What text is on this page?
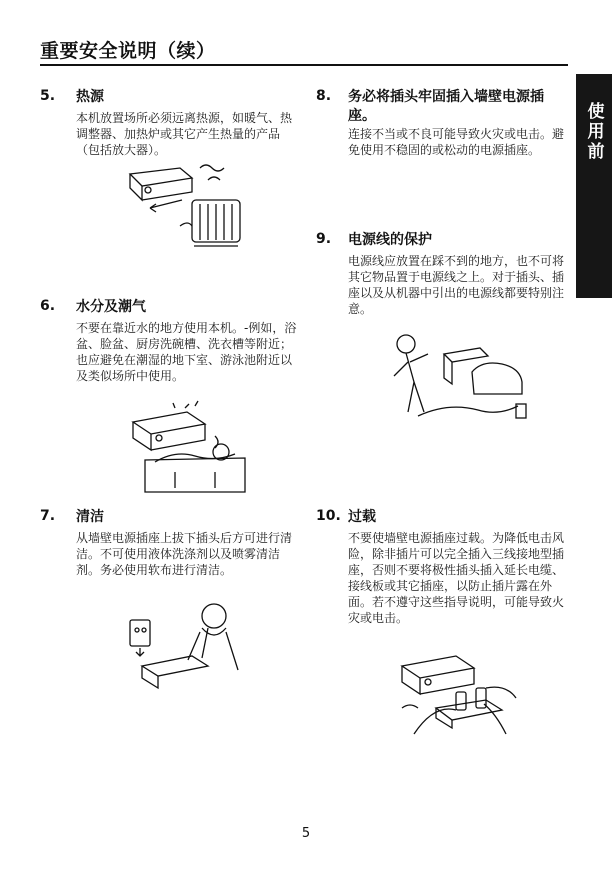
重要安全说明（续）
使用前
5. 热源
本机放置场所必须远离热源，如暖气、热调整器、加热炉或其它产生热量的产品（包括放大器）。
6. 水分及潮气
不要在靠近水的地方使用本机。-例如，浴盆、脸盆、厨房洗碗槽、洗衣槽等附近；也应避免在潮湿的地下室、游泳池附近以及类似场所中使用。
7. 清洁
从墙壁电源插座上拔下插头后方可进行清洁。不可使用液体洗涤剂以及喷雾清洁剂。务必使用软布进行清洁。
8. 务必将插头牢固插入墙壁电源插座。
连接不当或不良可能导致火灾或电击。避免使用不稳固的或松动的电源插座。
9. 电源线的保护
电源线应放置在踩不到的地方，也不可将其它物品置于电源线之上。对于插头、插座以及从机器中引出的电源线都要特别注意。
10. 过载
不要使墙壁电源插座过载。为降低电击风险，除非插片可以完全插入三线接地型插座，否则不要将极性插头插入延长电缆、接线板或其它插座，以防止插片露在外面。若不遵守这些指导说明，可能导致火灾或电击。
5
